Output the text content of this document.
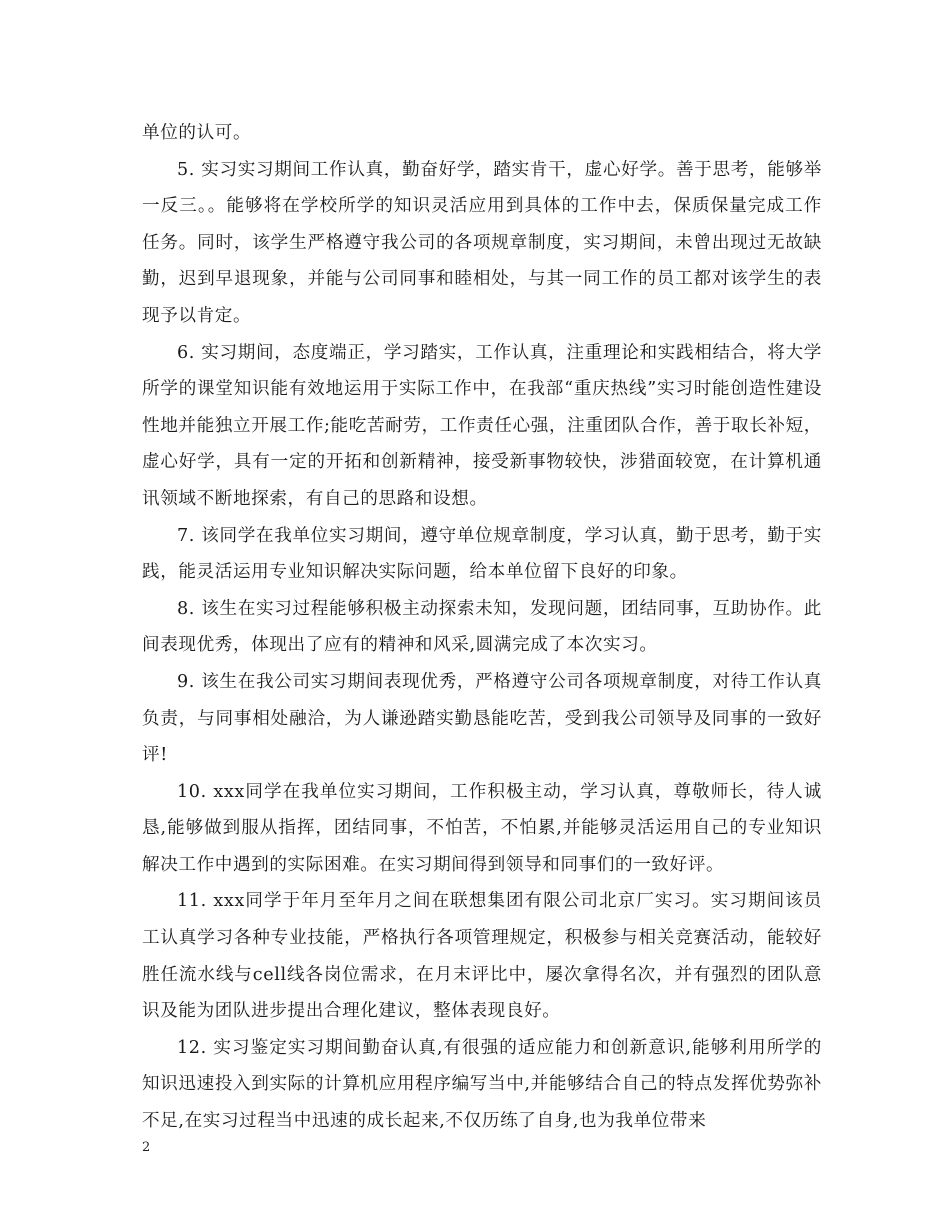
单位的认可。

5. 实习实习期间工作认真，勤奋好学，踏实肯干，虚心好学。善于思考，能够举一反三。。能够将在学校所学的知识灵活应用到具体的工作中去，保质保量完成工作任务。同时，该学生严格遵守我公司的各项规章制度，实习期间，未曾出现过无故缺勤，迟到早退现象，并能与公司同事和睦相处，与其一同工作的员工都对该学生的表现予以肯定。

6. 实习期间，态度端正，学习踏实，工作认真，注重理论和实践相结合，将大学所学的课堂知识能有效地运用于实际工作中，在我部“重庆热线”实习时能创造性建设性地并能独立开展工作;能吃苦耐劳，工作责任心强，注重团队合作，善于取长补短，虚心好学，具有一定的开拓和创新精神，接受新事物较快，涉猎面较宽，在计算机通讯领域不断地探索，有自己的思路和设想。

7. 该同学在我单位实习期间，遵守单位规章制度，学习认真，勤于思考，勤于实践，能灵活运用专业知识解决实际问题，给本单位留下良好的印象。

8. 该生在实习过程能够积极主动探索未知，发现问题，团结同事，互助协作。此间表现优秀，体现出了应有的精神和风采,圆满完成了本次实习。

9. 该生在我公司实习期间表现优秀，严格遵守公司各项规章制度，对待工作认真负责，与同事相处融洽，为人谦逊踏实勤恳能吃苦，受到我公司领导及同事的一致好评!

10. xxx同学在我单位实习期间，工作积极主动，学习认真，尊敬师长，待人诚恳,能够做到服从指挥，团结同事，不怕苦，不怕累,并能够灵活运用自己的专业知识解决工作中遇到的实际困难。在实习期间得到领导和同事们的一致好评。

11. xxx同学于年月至年月之间在联想集团有限公司北京厂实习。实习期间该员工认真学习各种专业技能，严格执行各项管理规定，积极参与相关竞赛活动，能较好胜任流水线与cell线各岗位需求，在月末评比中，屡次拿得名次，并有强烈的团队意识及能为团队进步提出合理化建议，整体表现良好。

12. 实习鉴定实习期间勤奋认真,有很强的适应能力和创新意识,能够利用所学的知识迅速投入到实际的计算机应用程序编写当中,并能够结合自己的特点发挥优势弥补不足,在实习过程当中迅速的成长起来,不仅历练了自身,也为我单位带来

2
